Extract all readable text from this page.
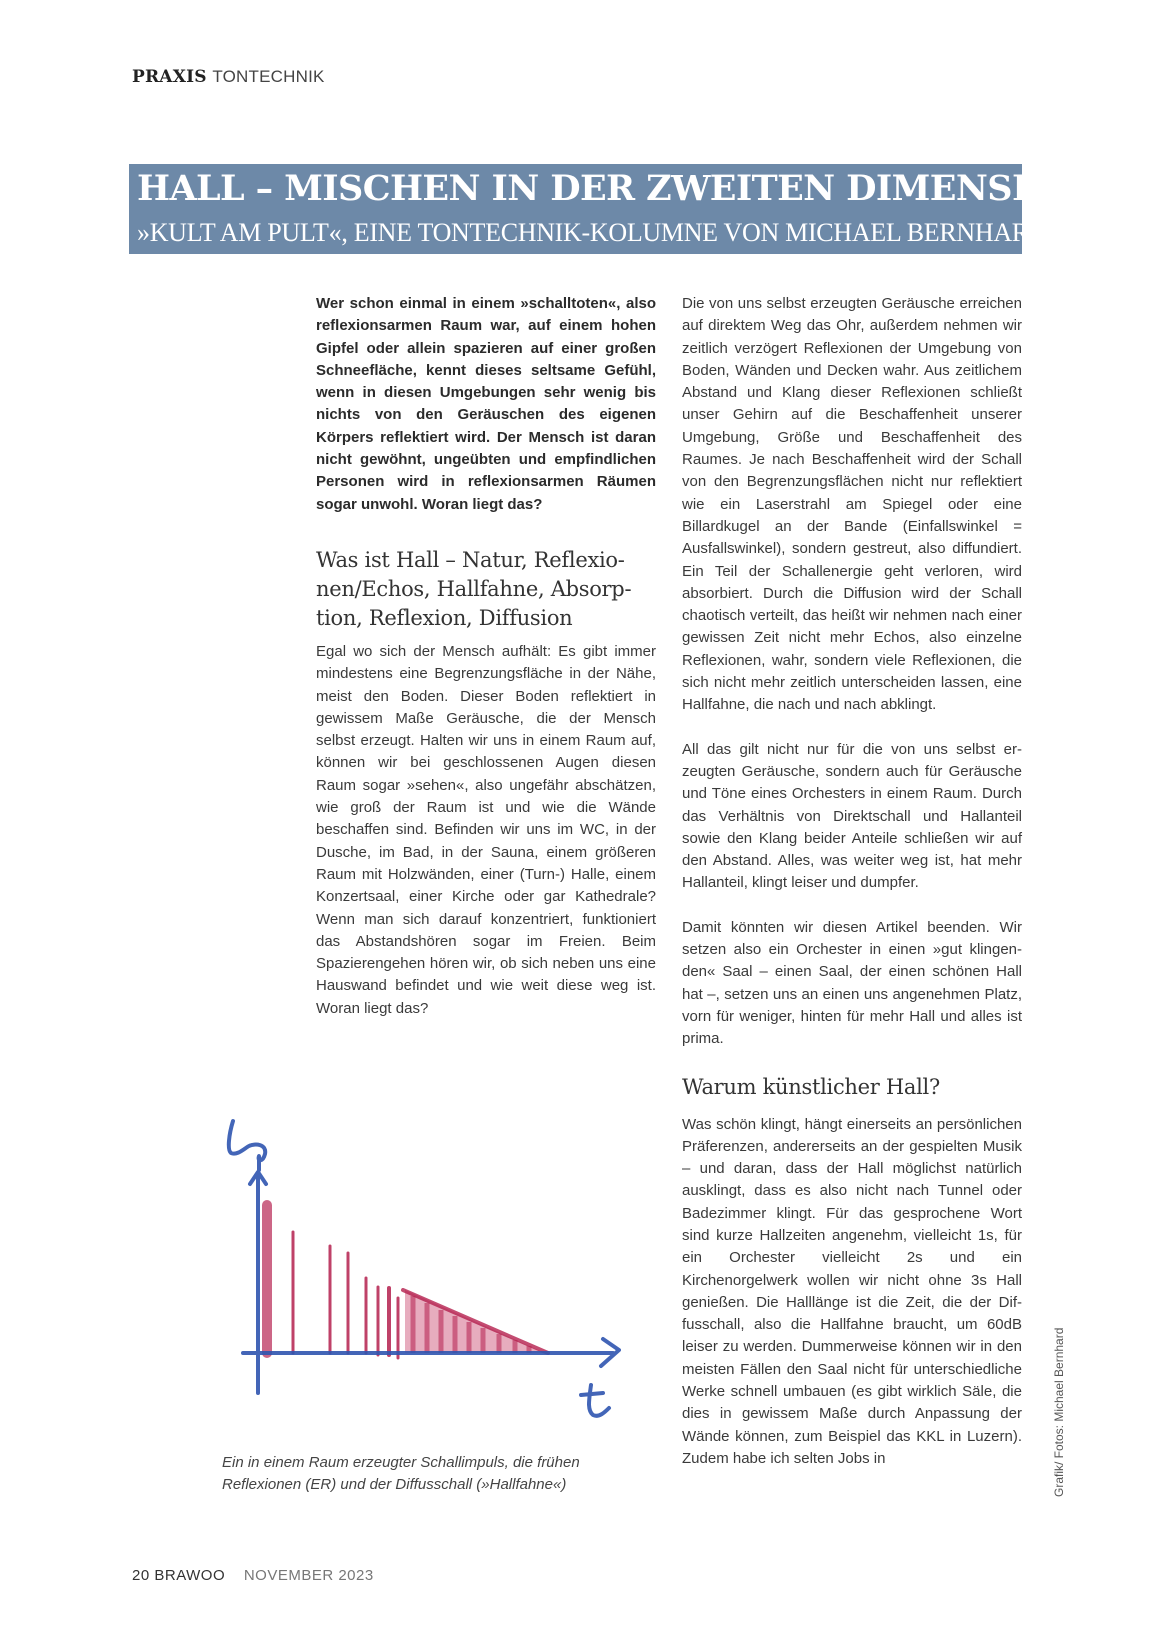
PRAXIS TONTECHNIK
HALL – MISCHEN IN DER ZWEITEN DIMENSION
»KULT AM PULT«, EINE TONTECHNIK-KOLUMNE VON MICHAEL BERNHARD

Wer schon einmal in einem »schalltoten«, also reflexionsarmen Raum war, auf einem hohen Gipfel oder allein spazieren auf einer großen Schneefläche, kennt dieses seltsame Gefühl, wenn in diesen Umgebungen sehr wenig bis nichts von den Geräuschen des eigenen Körpers reflektiert wird. Der Mensch ist daran nicht gewöhnt, ungeübten und empfindlichen Personen wird in reflexionsarmen Räumen sogar unwohl. Woran liegt das?

Was ist Hall – Natur, Reflexionen/Echos, Hallfahne, Absorption, Reflexion, Diffusion

Egal wo sich der Mensch aufhält: Es gibt immer mindestens eine Begrenzungsfläche in der Nähe, meist den Boden. Dieser Boden reflektiert in gewissem Maße Geräusche, die der Mensch selbst erzeugt. Halten wir uns in einem Raum auf, können wir bei geschlossenen Augen diesen Raum sogar »sehen«, also ungefähr abschätzen, wie groß der Raum ist und wie die Wände beschaffen sind. Befinden wir uns im WC, in der Dusche, im Bad, in der Sauna, einem größeren Raum mit Holzwänden, einer (Turn-) Halle, einem Konzertsaal, einer Kirche oder gar Kathedrale? Wenn man sich darauf konzentriert, funktioniert das Abstandshören sogar im Freien. Beim Spazierengehen hören wir, ob sich neben uns eine Hauswand befindet und wie weit diese weg ist. Woran liegt das?

Die von uns selbst erzeugten Geräusche erreichen auf direktem Weg das Ohr, außerdem nehmen wir zeitlich verzögert Reflexionen der Umgebung von Boden, Wänden und Decken wahr. Aus zeitlichem Abstand und Klang dieser Reflexionen schließt unser Gehirn auf die Beschaffenheit unserer Umgebung, Größe und Beschaffenheit des Raumes. Je nach Beschaffenheit wird der Schall von den Begrenzungsflächen nicht nur reflektiert wie ein Laserstrahl am Spiegel oder eine Billardkugel an der Bande (Einfallswinkel = Ausfallswinkel), sondern gestreut, also diffundiert. Ein Teil der Schallenergie geht verloren, wird absorbiert. Durch die Diffusion wird der Schall chaotisch verteilt, das heißt wir nehmen nach einer gewissen Zeit nicht mehr Echos, also einzelne Reflexionen, wahr, sondern viele Reflexionen, die sich nicht mehr zeitlich unterscheiden lassen, eine Hallfahne, die nach und nach abklingt.

All das gilt nicht nur für die von uns selbst erzeugten Geräusche, sondern auch für Geräusche und Töne eines Orchesters in einem Raum. Durch das Verhältnis von Direktschall und Hallanteil sowie den Klang beider Anteile schließen wir auf den Abstand. Alles, was weiter weg ist, hat mehr Hallanteil, klingt leiser und dumpfer.

Damit könnten wir diesen Artikel beenden. Wir setzen also ein Orchester in einen »gut klingenden« Saal – einen Saal, der einen schönen Hall hat –, setzen uns an einen uns angenehmen Platz, vorn für weniger, hinten für mehr Hall und alles ist prima.

Warum künstlicher Hall?

Was schön klingt, hängt einerseits an persönlichen Präferenzen, andererseits an der gespielten Musik – und daran, dass der Hall möglichst natürlich ausklingt, dass es also nicht nach Tunnel oder Badezimmer klingt. Für das gesprochene Wort sind kurze Hallzeiten angenehm, vielleicht 1s, für ein Orchester vielleicht 2s und ein Kirchenorgelwerk wollen wir nicht ohne 3s Hall genießen. Die Halllänge ist die Zeit, die der Diffusschall, also die Hallfahne braucht, um 60dB leiser zu werden. Dummerweise können wir in den meisten Fällen den Saal nicht für unterschiedliche Werke schnell umbauen (es gibt wirklich Säle, die dies in gewissem Maße durch Anpassung der Wände können, zum Beispiel das KKL in Luzern). Zudem habe ich selten Jobs in

Ein in einem Raum erzeugter Schallimpuls, die frühen Reflexionen (ER) und der Diffusschall (»Hallfahne«)	Grafik/ Fotos: Michael Bernhard
20 BRAWOO NOVEMBER 2023
